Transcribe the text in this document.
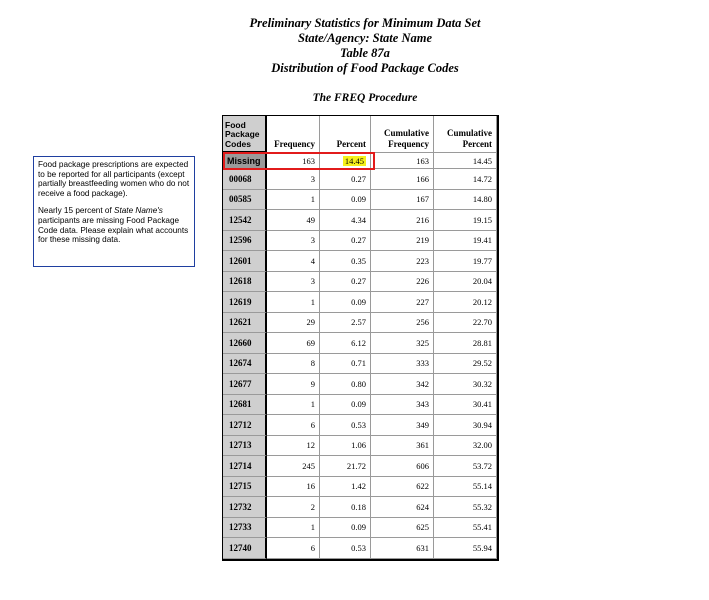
Preliminary Statistics for Minimum Data Set
State/Agency: State Name
Table 87a
Distribution of Food Package Codes
The FREQ Procedure

Food package prescriptions are expected to be reported for all participants (except partially breastfeeding women who do not receive a food package).

Nearly 15 percent of State Name's participants are missing Food Package Code data. Please explain what accounts for these missing data.

Food Package Codes	Frequency	Percent	Cumulative Frequency	Cumulative Percent
Missing	163	14.45	163	14.45
00068	3	0.27	166	14.72
00585	1	0.09	167	14.80
12542	49	4.34	216	19.15
12596	3	0.27	219	19.41
12601	4	0.35	223	19.77
12618	3	0.27	226	20.04
12619	1	0.09	227	20.12
12621	29	2.57	256	22.70
12660	69	6.12	325	28.81
12674	8	0.71	333	29.52
12677	9	0.80	342	30.32
12681	1	0.09	343	30.41
12712	6	0.53	349	30.94
12713	12	1.06	361	32.00
12714	245	21.72	606	53.72
12715	16	1.42	622	55.14
12732	2	0.18	624	55.32
12733	1	0.09	625	55.41
12740	6	0.53	631	55.94
